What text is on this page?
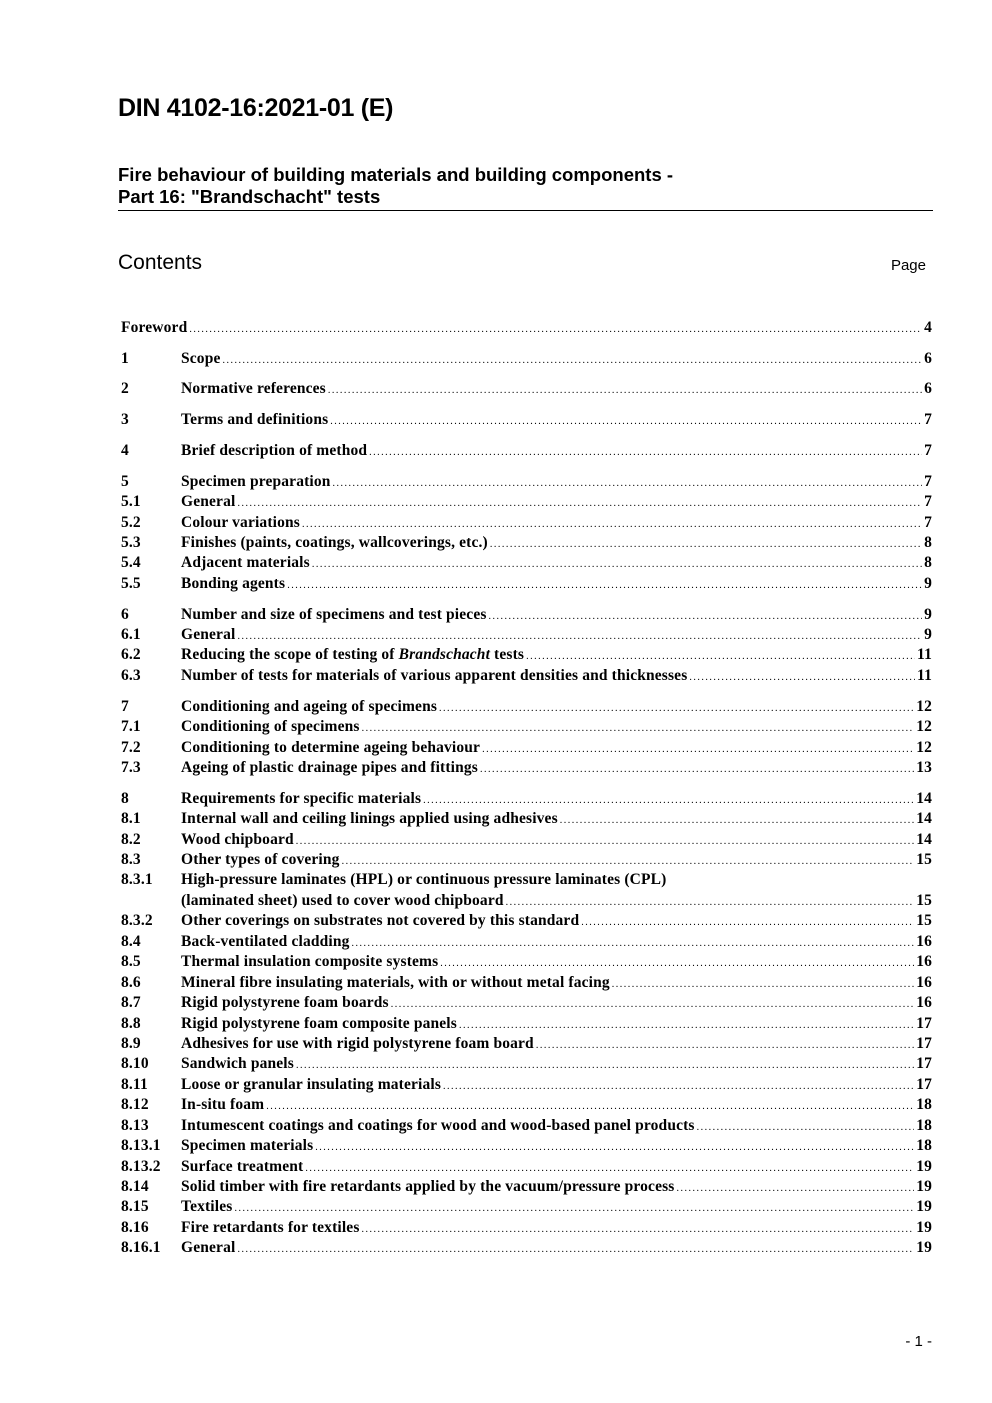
DIN 4102-16:2021-01 (E)
Fire behaviour of building materials and building components -
Part 16: "Brandschacht" tests
Contents	Page
Foreword .....	4
1	Scope .....	6
2	Normative references .....	6
3	Terms and definitions .....	7
4	Brief description of method .....	7
5	Specimen preparation .....	7
5.1	General .....	7
5.2	Colour variations .....	7
5.3	Finishes (paints, coatings, wallcoverings, etc.) .....	8
5.4	Adjacent materials .....	8
5.5	Bonding agents .....	9
6	Number and size of specimens and test pieces .....	9
6.1	General .....	9
6.2	Reducing the scope of testing of Brandschacht tests .....	11
6.3	Number of tests for materials of various apparent densities and thicknesses .....	11
7	Conditioning and ageing of specimens .....	12
7.1	Conditioning of specimens .....	12
7.2	Conditioning to determine ageing behaviour .....	12
7.3	Ageing of plastic drainage pipes and fittings .....	13
8	Requirements for specific materials .....	14
8.1	Internal wall and ceiling linings applied using adhesives .....	14
8.2	Wood chipboard .....	14
8.3	Other types of covering .....	15
8.3.1 High-pressure laminates (HPL) or continuous pressure laminates (CPL)
(laminated sheet) used to cover wood chipboard .....	15
8.3.2 Other coverings on substrates not covered by this standard .....	15
8.4	Back-ventilated cladding .....	16
8.5	Thermal insulation composite systems .....	16
8.6	Mineral fibre insulating materials, with or without metal facing .....	16
8.7	Rigid polystyrene foam boards .....	16
8.8	Rigid polystyrene foam composite panels .....	17
8.9	Adhesives for use with rigid polystyrene foam board .....	17
8.10 Sandwich panels .....	17
8.11 Loose or granular insulating materials .....	17
8.12 In-situ foam .....	18
8.13 Intumescent coatings and coatings for wood and wood-based panel products .....	18
8.13.1 Specimen materials .....	18
8.13.2 Surface treatment .....	19
8.14 Solid timber with fire retardants applied by the vacuum/pressure process .....	19
8.15 Textiles .....	19
8.16 Fire retardants for textiles .....	19
8.16.1 General .....	19
- 1 -
